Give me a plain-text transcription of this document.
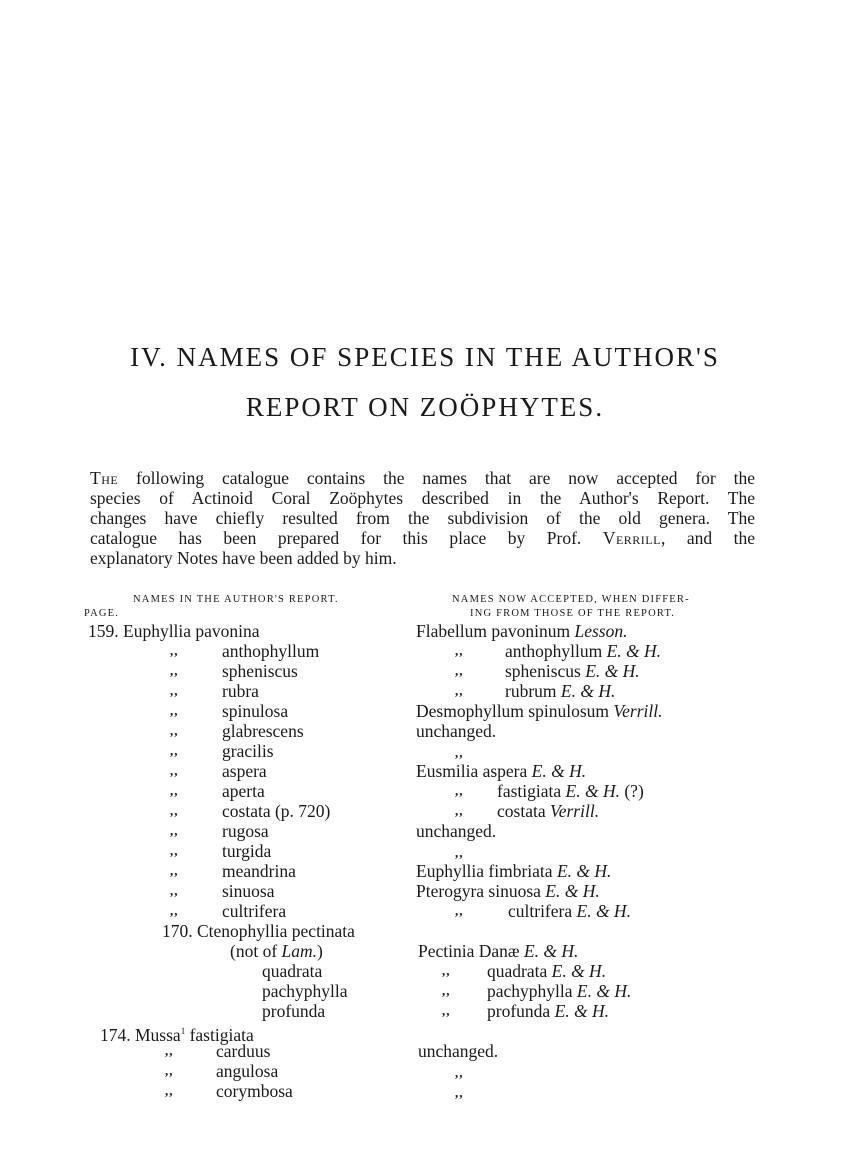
IV. NAMES OF SPECIES IN THE AUTHOR'S
REPORT ON ZOÖPHYTES.
The following catalogue contains the names that are now accepted for the
species of Actinoid Coral Zoöphytes described in the Author's Report. The
changes have chiefly resulted from the subdivision of the old genera. The
catalogue has been prepared for this place by Prof. Verrill, and the
explanatory Notes have been added by him.
NAMES IN THE AUTHOR'S REPORT.
PAGE.
NAMES NOW ACCEPTED, WHEN DIFFER-
ING FROM THOSE OF THE REPORT.
159. Euphyllia pavonina
,, anthophyllum
,, spheniscus
,, rubra
,, spinulosa
,, glabrescens
,, gracilis
,, aspera
,, aperta
,, costata (p. 720)
,, rugosa
,, turgida
,, meandrina
,, sinuosa
,, cultrifera
170. Ctenophyllia pectinata
(not of Lam.)
quadrata
pachyphylla
profunda
174. Mussa$^1$ fastigiata
,, carduus
,, angulosa
,, corymbosa
Flabellum pavoninum Lesson.
,, anthophyllum E. & H.
,, spheniscus E. & H.
,, rubrum E. & H.
Desmophyllum spinulosum Verrill.
unchanged.
,,
Eusmilia aspera E. & H.
,, fastigiata E. & H. (?)
,, costata Verrill.
unchanged.
,,
Euphyllia fimbriata E. & H.
Pterogyra sinuosa E. & H.
,,	cultrifera E. & H.
Pectinia Danæ E. & H.
,, quadrata E. & H.
,, pachyphylla E. & H.
,, profunda E. & H.
unchanged.
,,
,,
